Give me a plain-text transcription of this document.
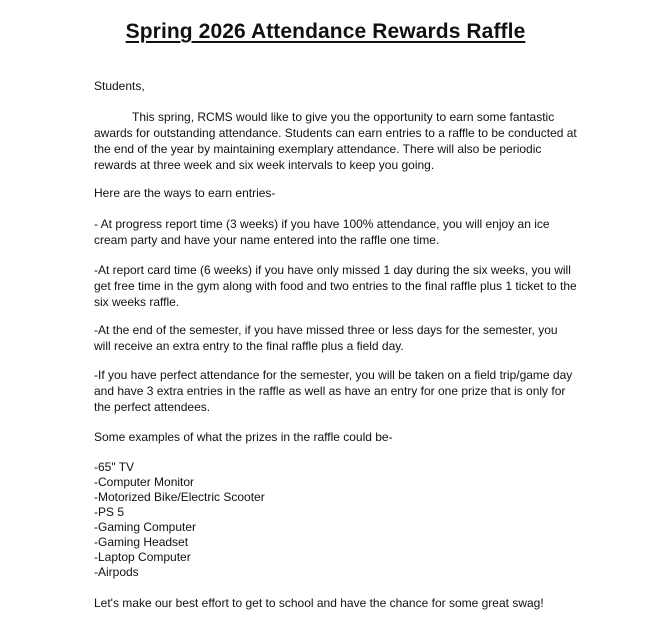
Spring 2026 Attendance Rewards Raffle

Students,

This spring, RCMS would like to give you the opportunity to earn some fantastic awards for outstanding attendance. Students can earn entries to a raffle to be conducted at the end of the year by maintaining exemplary attendance. There will also be periodic rewards at three week and six week intervals to keep you going.

Here are the ways to earn entries-

- At progress report time (3 weeks) if you have 100% attendance, you will enjoy an ice cream party and have your name entered into the raffle one time.

-At report card time (6 weeks) if you have only missed 1 day during the six weeks, you will get free time in the gym along with food and two entries to the final raffle plus 1 ticket to the six weeks raffle.

-At the end of the semester, if you have missed three or less days for the semester, you will receive an extra entry to the final raffle plus a field day.

-If you have perfect attendance for the semester, you will be taken on a field trip/game day and have 3 extra entries in the raffle as well as have an entry for one prize that is only for the perfect attendees.

Some examples of what the prizes in the raffle could be-

-65" TV
-Computer Monitor
-Motorized Bike/Electric Scooter
-PS 5
-Gaming Computer
-Gaming Headset
-Laptop Computer
-Airpods
Let's make our best effort to get to school and have the chance for some great swag!
